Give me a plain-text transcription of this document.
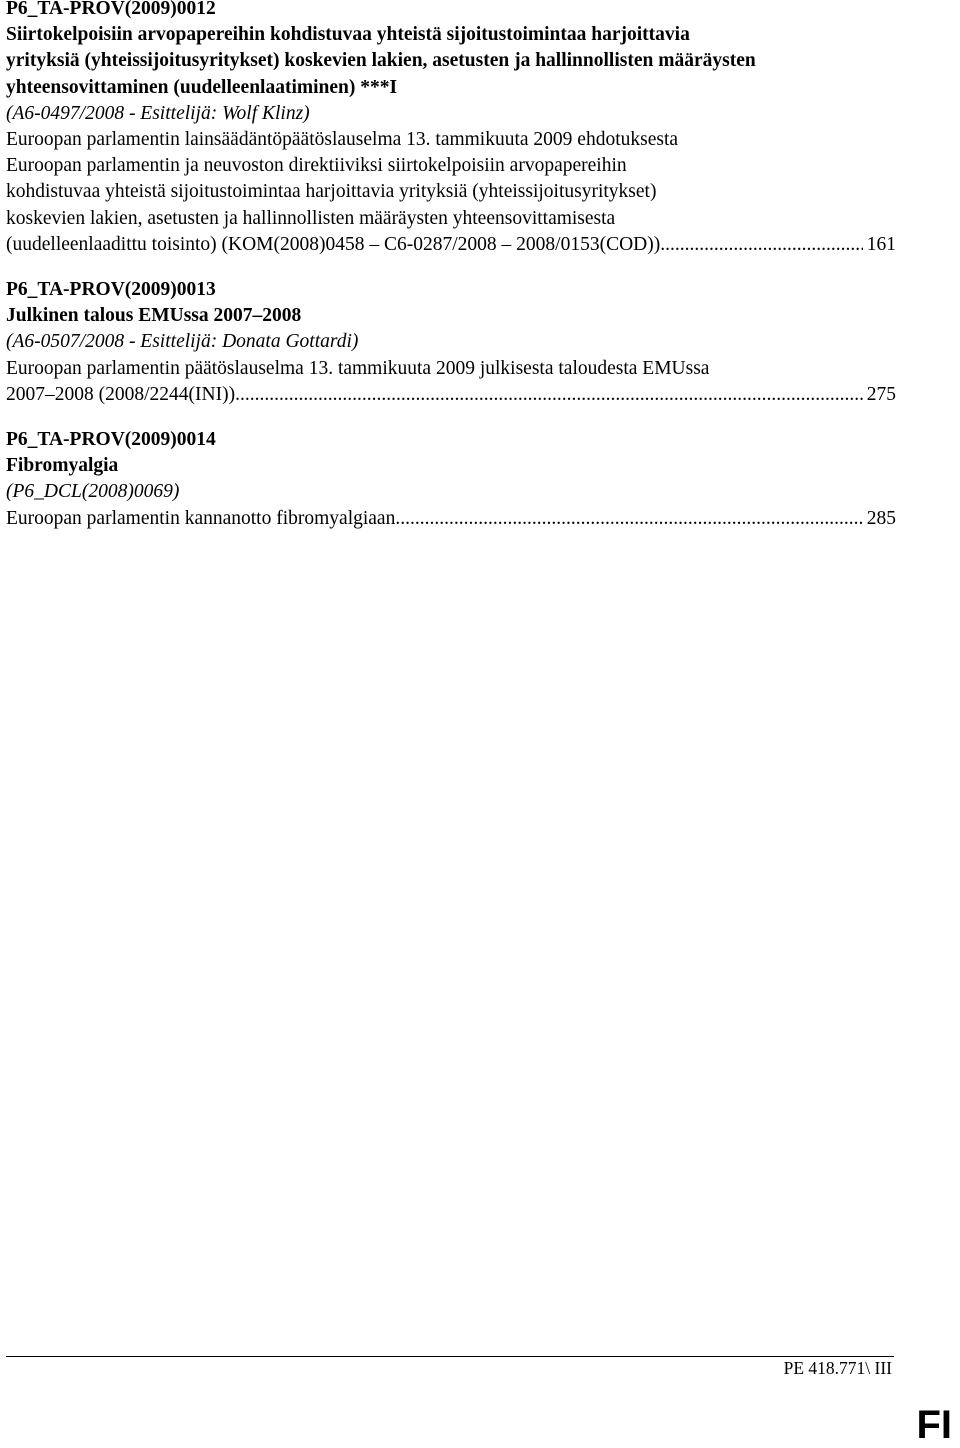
P6_TA-PROV(2009)0012
Siirtokelpoisiin arvopapereihin kohdistuvaa yhteistä sijoitustoimintaa harjoittavia
yrityksiä (yhteissijoitusyritykset) koskevien lakien, asetusten ja hallinnollisten määräysten
yhteensovittaminen (uudelleenlaatiminen) ***I
(A6-0497/2008 - Esittelijä: Wolf Klinz)
Euroopan parlamentin lainsäädäntöpäätöslauselma 13. tammikuuta 2009 ehdotuksesta
Euroopan parlamentin ja neuvoston direktiiviksi siirtokelpoisiin arvopapereihin
kohdistuvaa yhteistä sijoitustoimintaa harjoittavia yrityksiä (yhteissijoitusyritykset)
koskevien lakien, asetusten ja hallinnollisten määräysten yhteensovittamisesta
(uudelleenlaadittu toisinto) (KOM(2008)0458 – C6-0287/2008 – 2008/0153(COD)) .....	161
P6_TA-PROV(2009)0013
Julkinen talous EMUssa 2007–2008
(A6-0507/2008 - Esittelijä: Donata Gottardi)
Euroopan parlamentin päätöslauselma 13. tammikuuta 2009 julkisesta taloudesta EMUssa
2007–2008 (2008/2244(INI)) .....	275
P6_TA-PROV(2009)0014
Fibromyalgia
(P6_DCL(2008)0069)
Euroopan parlamentin kannanotto fibromyalgiaan .....	285
PE 418.771\ III
FI
